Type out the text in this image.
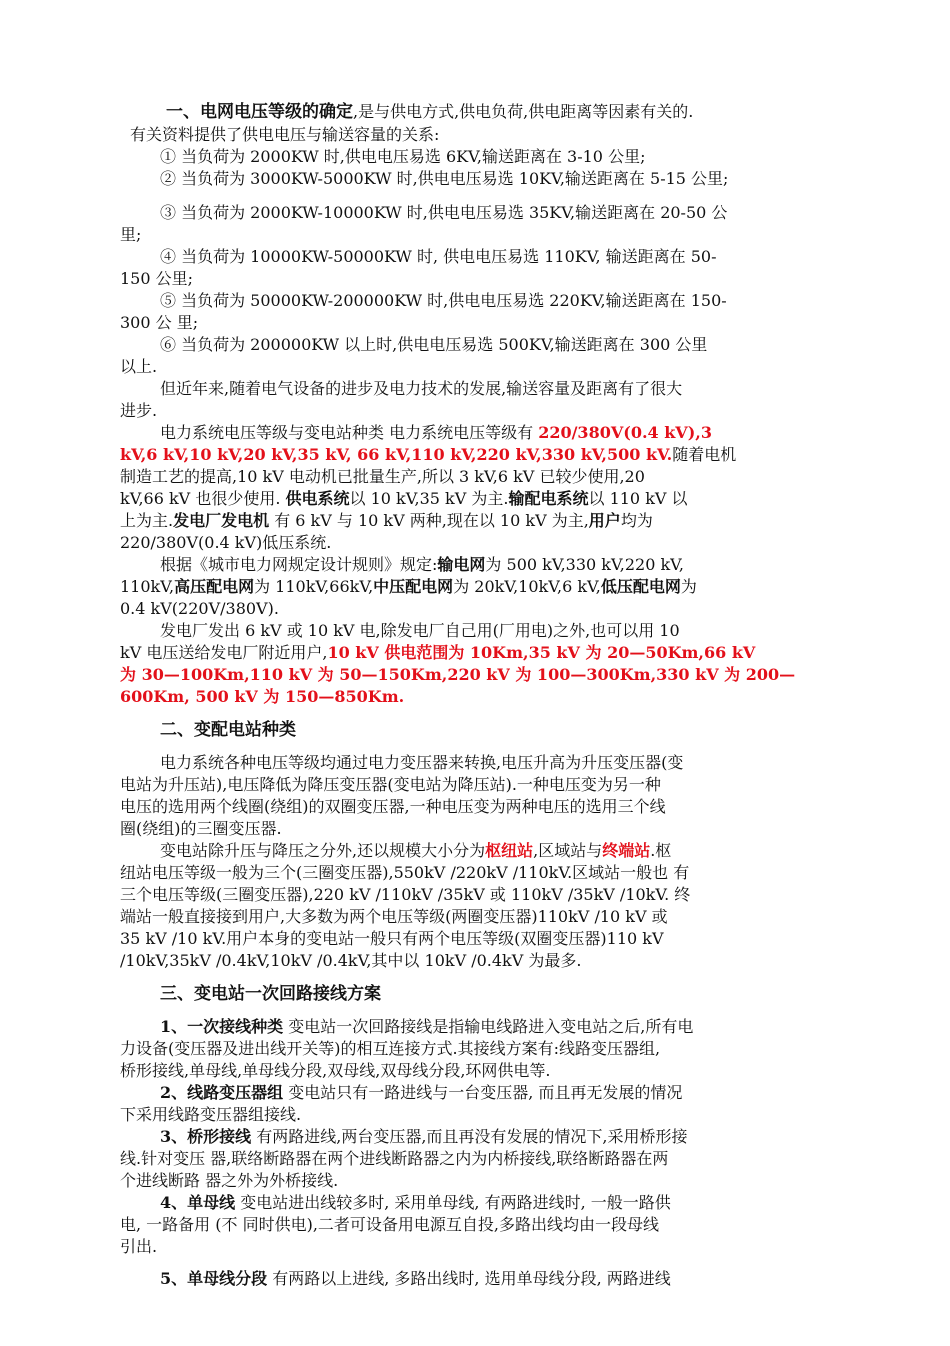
一、电网电压等级的确定,是与供电方式,供电负荷,供电距离等因素有关的.

有关资料提供了供电电压与输送容量的关系:

① 当负荷为 2000KW 时,供电电压易选 6KV,输送距离在 3-10 公里;

② 当负荷为 3000KW-5000KW 时,供电电压易选 10KV,输送距离在 5-15 公里;

③ 当负荷为 2000KW-10000KW 时,供电电压易选 35KV,输送距离在 20-50 公

里;

④ 当负荷为 10000KW-50000KW 时, 供电电压易选 110KV, 输送距离在 50-

150 公里;

⑤ 当负荷为 50000KW-200000KW 时,供电电压易选 220KV,输送距离在 150-

300 公 里;

⑥ 当负荷为 200000KW 以上时,供电电压易选 500KV,输送距离在 300 公里

以上.

但近年来,随着电气设备的进步及电力技术的发展,输送容量及距离有了很大

进步.

电力系统电压等级与变电站种类 电力系统电压等级有 220/380V(0.4 kV),3

kV,6 kV,10 kV,20 kV,35 kV, 66 kV,110 kV,220 kV,330 kV,500 kV.随着电机

制造工艺的提高,10 kV 电动机已批量生产,所以 3 kV,6 kV 已较少使用,20

kV,66 kV 也很少使用. 供电系统以 10 kV,35 kV 为主.输配电系统以 110 kV 以

上为主.发电厂发电机 有 6 kV 与 10 kV 两种,现在以 10 kV 为主,用户均为

220/380V(0.4 kV)低压系统.

根据《城市电力网规定设计规则》规定:输电网为 500 kV,330 kV,220 kV,

110kV,高压配电网为 110kV,66kV,中压配电网为 20kV,10kV,6 kV,低压配电网为

0.4 kV(220V/380V).

发电厂发出 6 kV 或 10 kV 电,除发电厂自己用(厂用电)之外,也可以用 10

kV 电压送给发电厂附近用户,10 kV 供电范围为 10Km,35 kV 为 20—50Km,66 kV

为 30—100Km,110 kV 为 50—150Km,220 kV 为 100—300Km,330 kV 为 200—

600Km, 500 kV 为 150—850Km.

二、变配电站种类

电力系统各种电压等级均通过电力变压器来转换,电压升高为升压变压器(变

电站为升压站),电压降低为降压变压器(变电站为降压站).一种电压变为另一种

电压的选用两个线圈(绕组)的双圈变压器,一种电压变为两种电压的选用三个线

圈(绕组)的三圈变压器.

变电站除升压与降压之分外,还以规模大小分为枢纽站,区域站与终端站.枢

纽站电压等级一般为三个(三圈变压器),550kV /220kV /110kV.区域站一般也 有

三个电压等级(三圈变压器),220 kV /110kV /35kV 或 110kV /35kV /10kV. 终

端站一般直接接到用户,大多数为两个电压等级(两圈变压器)110kV /10 kV 或

35 kV /10 kV.用户本身的变电站一般只有两个电压等级(双圈变压器)110 kV

/10kV,35kV /0.4kV,10kV /0.4kV,其中以 10kV /0.4kV 为最多.

三、变电站一次回路接线方案

1、一次接线种类 变电站一次回路接线是指输电线路进入变电站之后,所有电

力设备(变压器及进出线开关等)的相互连接方式.其接线方案有:线路变压器组,

桥形接线,单母线,单母线分段,双母线,双母线分段,环网供电等.

2、线路变压器组 变电站只有一路进线与一台变压器, 而且再无发展的情况

下采用线路变压器组接线.

3、桥形接线 有两路进线,两台变压器,而且再没有发展的情况下,采用桥形接

线.针对变压 器,联络断路器在两个进线断路器之内为内桥接线,联络断路器在两

个进线断路 器之外为外桥接线.

4、单母线 变电站进出线较多时, 采用单母线, 有两路进线时, 一般一路供

电, 一路备用 (不 同时供电),二者可设备用电源互自投,多路出线均由一段母线

引出.

5、单母线分段 有两路以上进线, 多路出线时, 选用单母线分段, 两路进线
